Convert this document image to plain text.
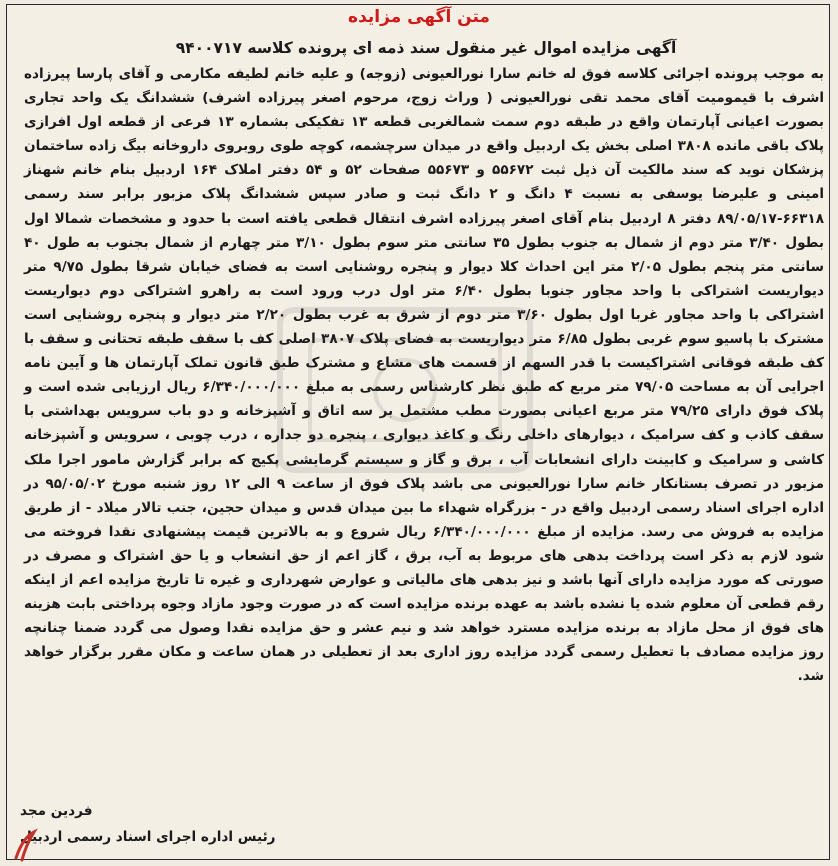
متن آگهی مزایده
آگهی مزایده اموال غیر منقول سند ذمه ای پرونده کلاسه ۹۴۰۰۷۱۷
به موجب پرونده اجرائی کلاسه فوق له خانم سارا نورالعیونی (زوجه) و علیه خانم لطیفه مکارمی و آقای پارسا پیرزاده اشرف با قیمومیت آقای محمد تقی نورالعیونی ( وراث زوج، مرحوم اصغر پیرزاده اشرف) ششدانگ یک واحد تجاری بصورت اعیانی آپارتمان واقع در طبقه دوم سمت شمالغربی قطعه ۱۳ تفکیکی بشماره ۱۳ فرعی از قطعه اول افرازی پلاک باقی مانده ۳۸۰۸ اصلی بخش یک اردبیل واقع در میدان سرچشمه، کوچه طوی روبروی داروخانه بیگ زاده ساختمان پزشکان نوید که سند مالکیت آن ذیل ثبت ۵۵۶۷۲ و ۵۵۶۷۳ صفحات ۵۲ و ۵۴ دفتر املاک ۱۶۴ اردبیل بنام خانم شهناز امینی و علیرضا یوسفی به نسبت ۴ دانگ و ۲ دانگ ثبت و صادر سپس ششدانگ پلاک مزبور برابر سند رسمی ۶۶۳۱۸-۸۹/۰۵/۱۷ دفتر ۸ اردبیل بنام آقای اصغر پیرزاده اشرف انتقال قطعی یافته است با حدود و مشخصات شمالا اول بطول ۳/۴۰ متر دوم از شمال به جنوب بطول ۳۵ سانتی متر سوم بطول ۳/۱۰ متر چهارم از شمال بجنوب به طول ۴۰ سانتی متر پنجم بطول ۲/۰۵ متر این احداث کلا دیوار و پنجره روشنایی است به فضای خیابان شرقا بطول ۹/۷۵ متر دیواریست اشتراکی با واحد مجاور جنوبا بطول ۶/۴۰ متر اول درب ورود است به راهرو اشتراکی دوم دیواریست اشتراکی با واحد مجاور غربا اول بطول ۳/۶۰ متر دوم از شرق به غرب بطول ۲/۲۰ متر دیوار و پنجره روشنایی است مشترک با پاسیو سوم غربی بطول ۶/۸۵ متر دیواریست به فضای پلاک ۳۸۰۷ اصلی کف با سقف طبقه تحتانی و سقف با کف طبقه فوقانی اشتراکیست با قدر السهم از قسمت های مشاع و مشترک طبق قانون تملک آپارتمان ها و آیین نامه اجرایی آن به مساحت ۷۹/۰۵ متر مربع که طبق نظر کارشناس رسمی به مبلغ ۶/۳۴۰/۰۰۰/۰۰۰ ریال ارزیابی شده است و پلاک فوق دارای ۷۹/۲۵ متر مربع اعیانی بصورت مطب مشتمل بر سه اتاق و آشپزخانه و دو باب سرویس بهداشتی با سقف کاذب و کف سرامیک ، دیوارهای داخلی رنگ و کاغذ دیواری ، پنجره دو جداره ، درب چوبی ، سرویس و آشپزخانه کاشی و سرامیک و کابینت دارای انشعابات آب ، برق و گاز و سیستم گرمایشی پکیج که برابر گزارش مامور اجرا ملک مزبور در تصرف بستانکار خانم سارا نورالعیونی می باشد پلاک فوق از ساعت ۹ الی ۱۲ روز شنبه مورخ ۹۵/۰۵/۰۲ در اداره اجرای اسناد رسمی اردبیل واقع در - بزرگراه شهداء ما بین میدان قدس و میدان حجین، جنب تالار میلاد - از طریق مزایده به فروش می رسد. مزایده از مبلغ ۶/۳۴۰/۰۰۰/۰۰۰ ریال شروع و به بالاترین قیمت پیشنهادی نقدا فروخته می شود لازم به ذکر است پرداخت بدهی های مربوط به آب، برق ، گاز اعم از حق انشعاب و یا حق اشتراک و مصرف در صورتی که مورد مزایده دارای آنها باشد و نیز بدهی های مالیاتی و عوارض شهرداری و غیره تا تاریخ مزایده اعم از اینکه رقم قطعی آن معلوم شده یا نشده باشد به عهده برنده مزایده است که در صورت وجود مازاد وجوه پرداختی بابت هزینه های فوق از محل مازاد به برنده مزایده مسترد خواهد شد و نیم عشر و حق مزایده نقدا وصول می گردد ضمنا چنانچه روز مزایده مصادف با تعطیل رسمی گردد مزایده روز اداری بعد از تعطیلی در همان ساعت و مکان مقرر برگزار خواهد شد.
فردین مجد
رئیس اداره اجرای اسناد رسمی اردبیل
